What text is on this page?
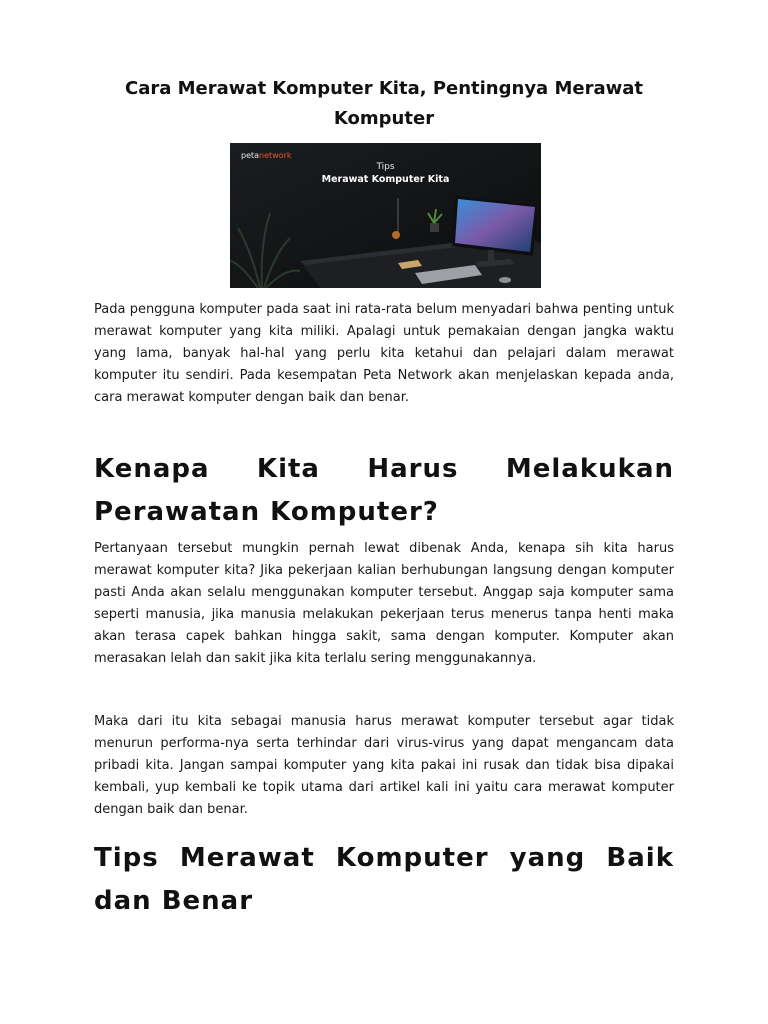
Cara Merawat Komputer Kita, Pentingnya Merawat Komputer
petanetwork
Tips
Merawat Komputer Kita

Pada pengguna komputer pada saat ini rata-rata belum menyadari bahwa penting untuk merawat komputer yang kita miliki. Apalagi untuk pemakaian dengan jangka waktu yang lama, banyak hal-hal yang perlu kita ketahui dan pelajari dalam merawat komputer itu sendiri. Pada kesempatan Peta Network akan menjelaskan kepada anda, cara merawat komputer dengan baik dan benar.

Kenapa Kita Harus Melakukan Perawatan Komputer?

Pertanyaan tersebut mungkin pernah lewat dibenak Anda, kenapa sih kita harus merawat komputer kita? Jika pekerjaan kalian berhubungan langsung dengan komputer pasti Anda akan selalu menggunakan komputer tersebut. Anggap saja komputer sama seperti manusia, jika manusia melakukan pekerjaan terus menerus tanpa henti maka akan terasa capek bahkan hingga sakit, sama dengan komputer. Komputer akan merasakan lelah dan sakit jika kita terlalu sering menggunakannya.

Maka dari itu kita sebagai manusia harus merawat komputer tersebut agar tidak menurun performa-nya serta terhindar dari virus-virus yang dapat mengancam data pribadi kita. Jangan sampai komputer yang kita pakai ini rusak dan tidak bisa dipakai kembali, yup kembali ke topik utama dari artikel kali ini yaitu cara merawat komputer dengan baik dan benar.

Tips Merawat Komputer yang Baik dan Benar
